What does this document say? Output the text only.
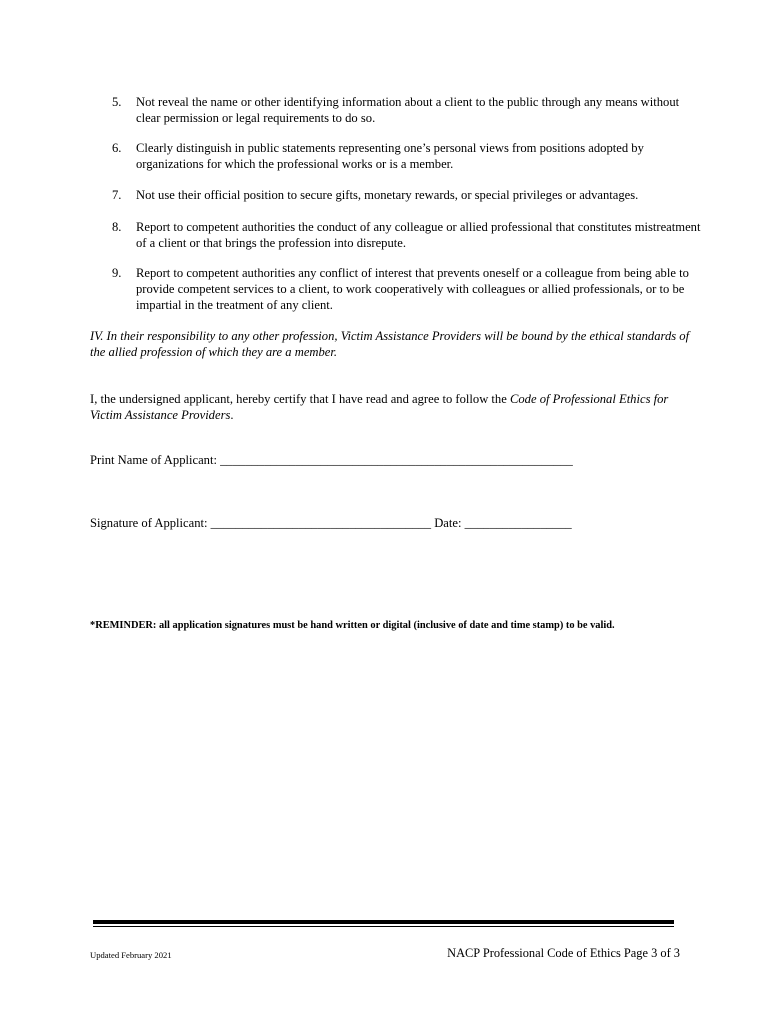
5. Not reveal the name or other identifying information about a client to the public through any means without clear permission or legal requirements to do so.
6. Clearly distinguish in public statements representing one’s personal views from positions adopted by organizations for which the professional works or is a member.
7. Not use their official position to secure gifts, monetary rewards, or special privileges or advantages.
8. Report to competent authorities the conduct of any colleague or allied professional that constitutes mistreatment of a client or that brings the profession into disrepute.
9. Report to competent authorities any conflict of interest that prevents oneself or a colleague from being able to provide competent services to a client, to work cooperatively with colleagues or allied professionals, or to be impartial in the treatment of any client.
IV. In their responsibility to any other profession, Victim Assistance Providers will be bound by the ethical standards of the allied profession of which they are a member.
I, the undersigned applicant, hereby certify that I have read and agree to follow the Code of Professional Ethics for Victim Assistance Providers.
Print Name of Applicant: ________________________________________________________
Signature of Applicant: ___________________________________ Date: _________________
*REMINDER: all application signatures must be hand written or digital (inclusive of date and time stamp) to be valid.
Updated February 2021	NACP Professional Code of Ethics Page 3 of 3
